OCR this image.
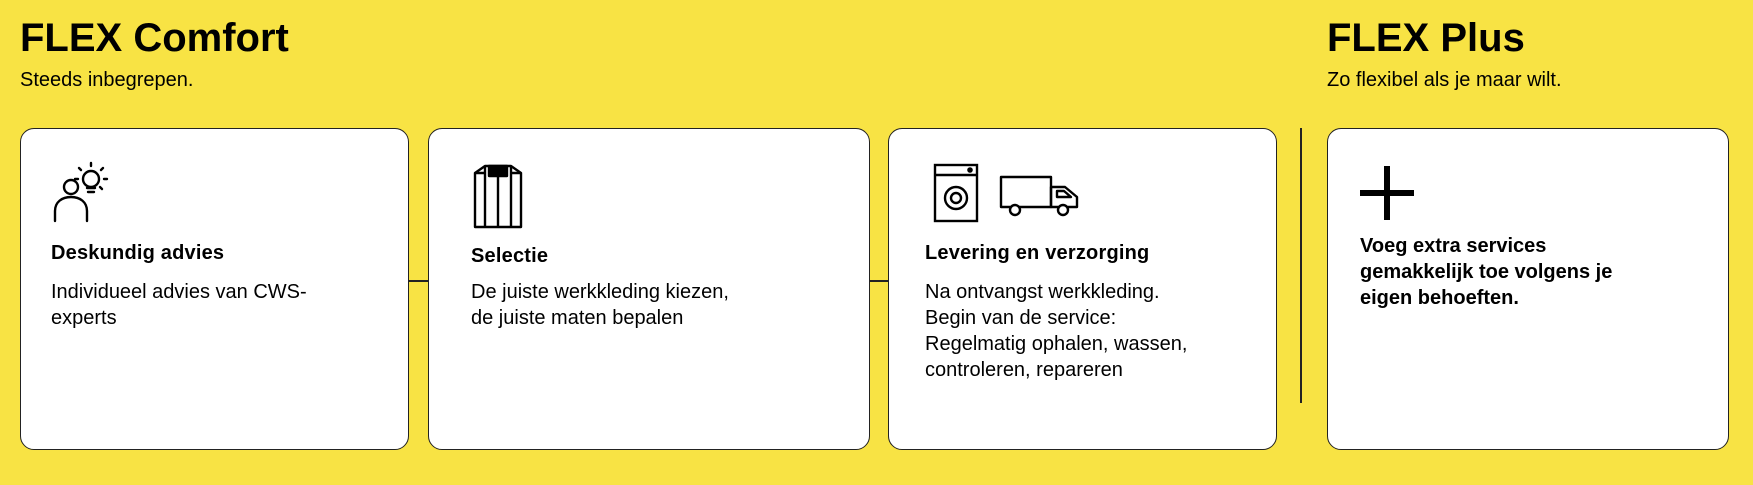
FLEX Comfort

Steeds inbegrepen.

FLEX Plus

Zo flexibel als je maar wilt.

Deskundig advies

Individueel advies van CWS-
experts

Selectie

De juiste werkkleding kiezen,
de juiste maten bepalen

Levering en verzorging

Na ontvangst werkkleding.
Begin van de service:
Regelmatig ophalen, wassen,
controleren, repareren

Voeg extra services gemakkelijk toe volgens je eigen behoeften.
